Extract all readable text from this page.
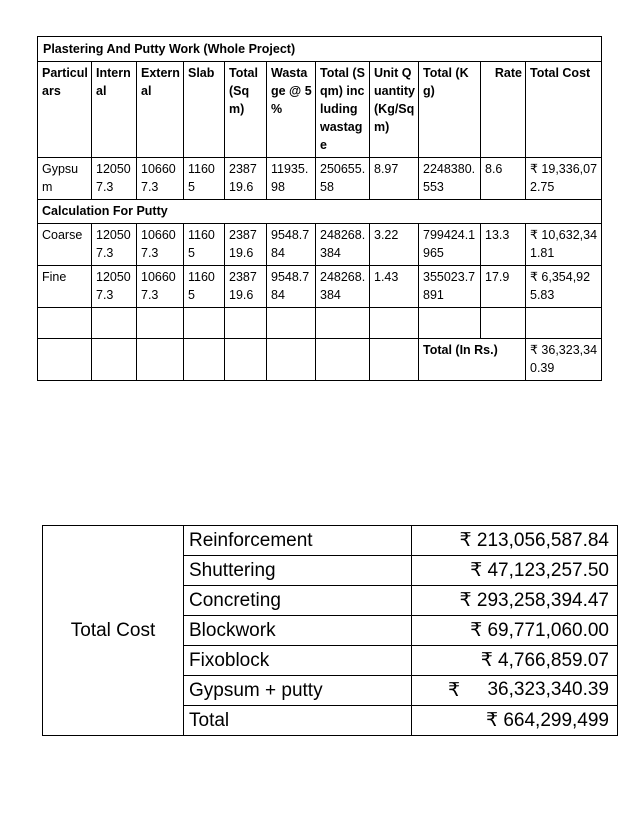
Plastering And Putty Work (Whole Project)										
Particulars	Internal	External	Slab	Total (Sqm)	Wastage @ 5 %	Total (Sqm) including wastage	Unit Quantity (Kg/Sqm)	Total (Kg)	Rate	Total Cost
Gypsum	120507.3	106607.3	11605	238719.6	11935.98	250655.58	8.97	2248380.553	8.6	₹ 19,336,072.75
Calculation For Putty										
Coarse	120507.3	106607.3	11605	238719.6	9548.784	248268.384	3.22	799424.1965	13.3	₹ 10,632,341.81
Fine	120507.3	106607.3	11605	238719.6	9548.784	248268.384	1.43	355023.7891	17.9	₹ 6,354,925.83

								Total (In Rs.)		₹ 36,323,340.39
Total Cost	Reinforcement	₹ 213,056,587.84
	Shuttering	₹ 47,123,257.50
	Concreting	₹ 293,258,394.47
	Blockwork	₹ 69,771,060.00
	Fixoblock	₹ 4,766,859.07
	Gypsum + putty	₹ 36,323,340.39

	Total	₹ 664,299,499
